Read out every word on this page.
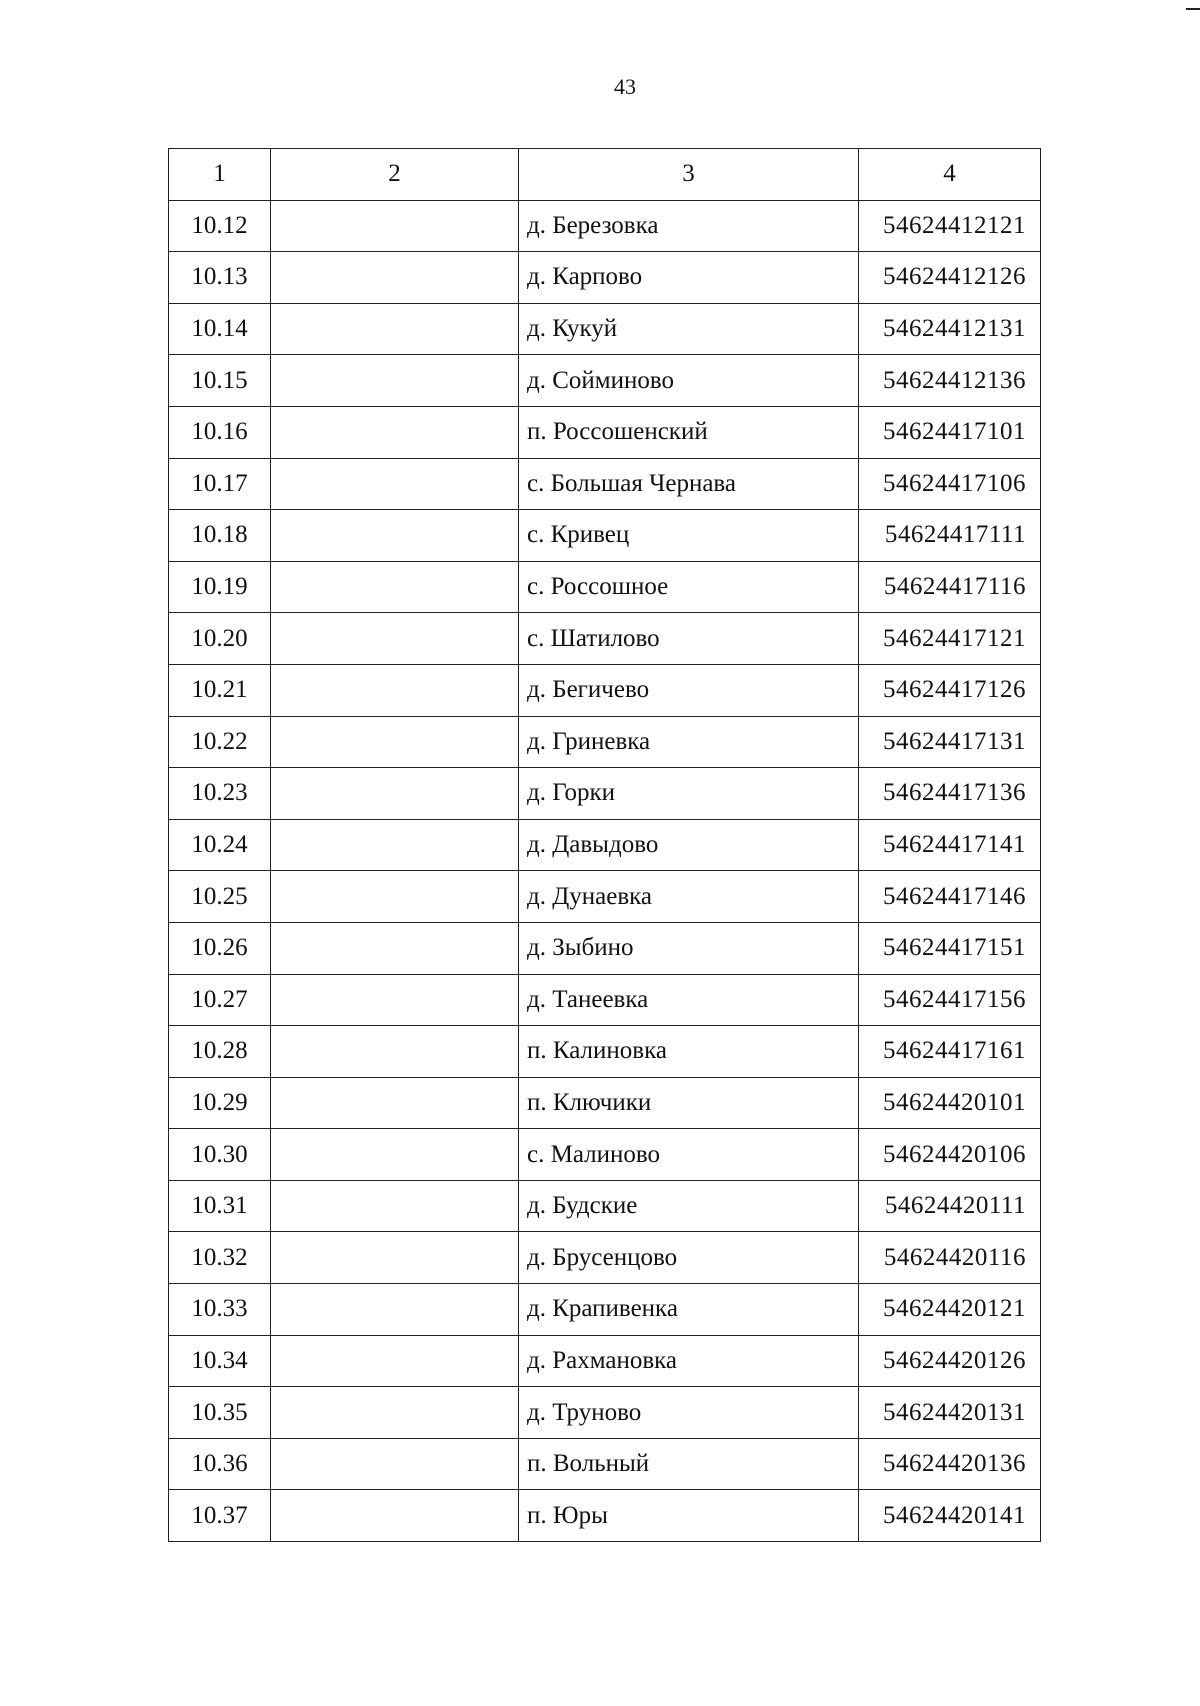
43
1	2	3	4
10.12		д. Березовка	54624412121
10.13		д. Карпово	54624412126
10.14		д. Кукуй	54624412131
10.15		д. Сойминово	54624412136
10.16		п. Россошенский	54624417101
10.17		с. Большая Чернава	54624417106
10.18		с. Кривец	54624417111
10.19		с. Россошное	54624417116
10.20		с. Шатилово	54624417121
10.21		д. Бегичево	54624417126
10.22		д. Гриневка	54624417131
10.23		д. Горки	54624417136
10.24		д. Давыдово	54624417141
10.25		д. Дунаевка	54624417146
10.26		д. Зыбино	54624417151
10.27		д. Танеевка	54624417156
10.28		п. Калиновка	54624417161
10.29		п. Ключики	54624420101
10.30		с. Малиново	54624420106
10.31		д. Будские	54624420111
10.32		д. Брусенцово	54624420116
10.33		д. Крапивенка	54624420121
10.34		д. Рахмановка	54624420126
10.35		д. Труново	54624420131
10.36		п. Вольный	54624420136
10.37		п. Юры	54624420141
